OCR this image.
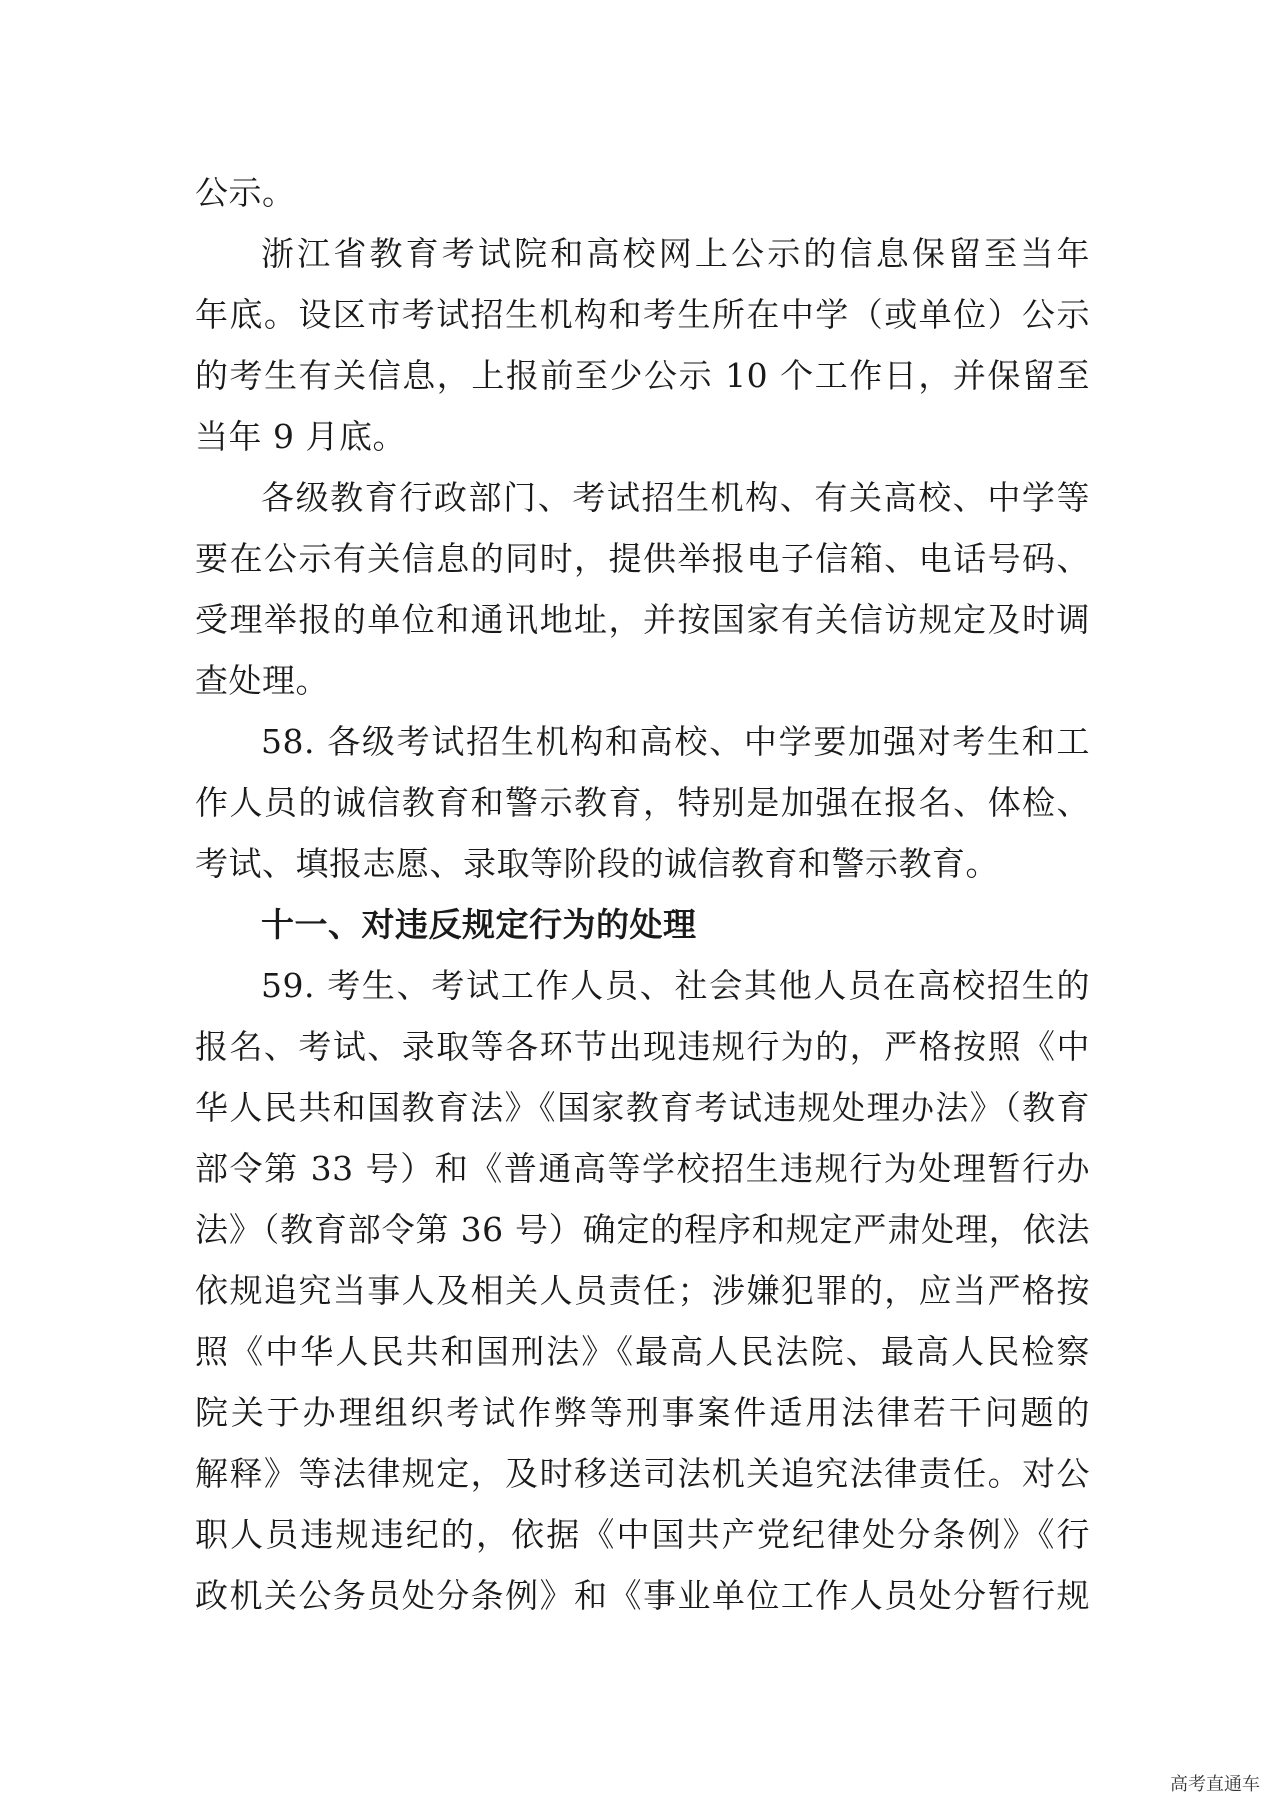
公示。
浙江省教育考试院和高校网上公示的信息保留至当年
年底。设区市考试招生机构和考生所在中学（或单位）公示
的考生有关信息，上报前至少公示 10 个工作日，并保留至
当年 9 月底。
各级教育行政部门、考试招生机构、有关高校、中学等
要在公示有关信息的同时，提供举报电子信箱、电话号码、
受理举报的单位和通讯地址，并按国家有关信访规定及时调
查处理。
58. 各级考试招生机构和高校、中学要加强对考生和工
作人员的诚信教育和警示教育，特别是加强在报名、体检、
考试、填报志愿、录取等阶段的诚信教育和警示教育。
十一、对违反规定行为的处理
59. 考生、考试工作人员、社会其他人员在高校招生的
报名、考试、录取等各环节出现违规行为的，严格按照《中
华人民共和国教育法》《国家教育考试违规处理办法》（教育
部令第 33 号）和《普通高等学校招生违规行为处理暂行办
法》（教育部令第 36 号）确定的程序和规定严肃处理，依法
依规追究当事人及相关人员责任；涉嫌犯罪的，应当严格按
照《中华人民共和国刑法》《最高人民法院、最高人民检察
院关于办理组织考试作弊等刑事案件适用法律若干问题的
解释》等法律规定，及时移送司法机关追究法律责任。对公
职人员违规违纪的，依据《中国共产党纪律处分条例》《行
政机关公务员处分条例》和《事业单位工作人员处分暂行规
高考直通车
